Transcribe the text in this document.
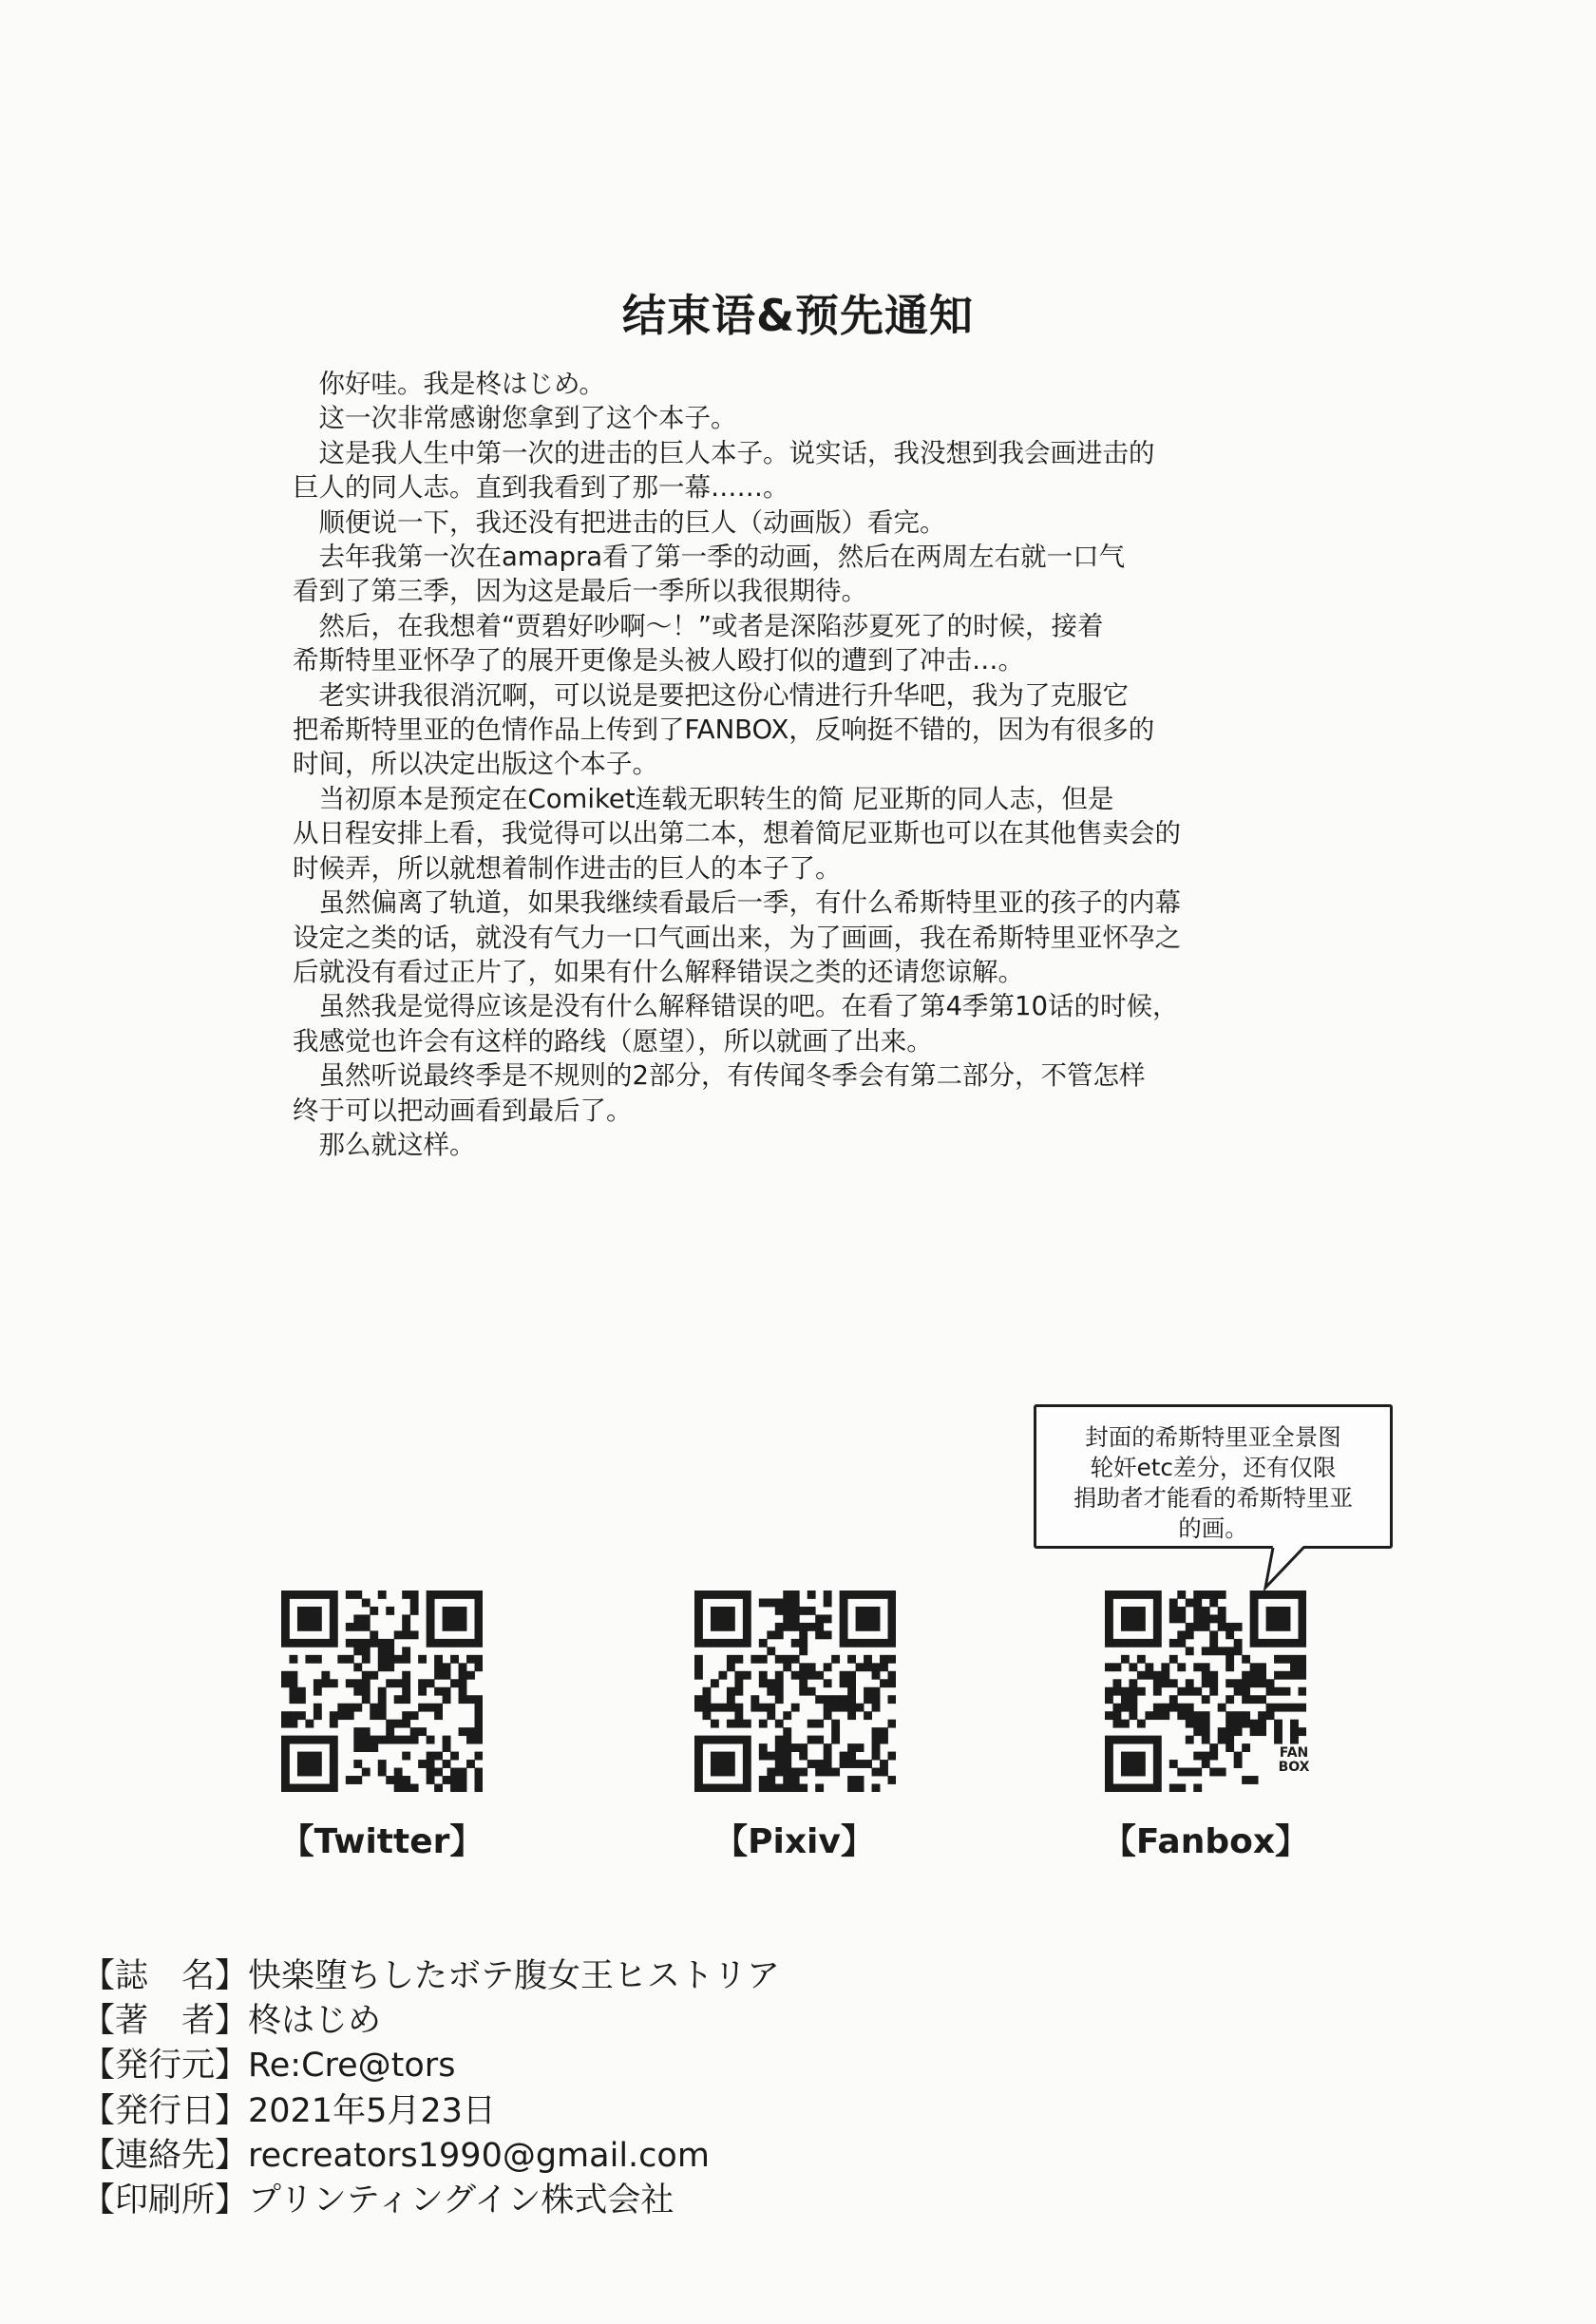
结束语&预先通知
　你好哇。我是柊はじめ。
　这一次非常感谢您拿到了这个本子。
　这是我人生中第一次的进击的巨人本子。说实话，我没想到我会画进击的
巨人的同人志。直到我看到了那一幕……。
　顺便说一下，我还没有把进击的巨人（动画版）看完。
　去年我第一次在amapra看了第一季的动画，然后在两周左右就一口气
看到了第三季，因为这是最后一季所以我很期待。
　然后，在我想着“贾碧好吵啊～！”或者是深陷莎夏死了的时候，接着
希斯特里亚怀孕了的展开更像是头被人殴打似的遭到了冲击…。
　老实讲我很消沉啊，可以说是要把这份心情进行升华吧，我为了克服它
把希斯特里亚的色情作品上传到了FANBOX，反响挺不错的，因为有很多的
时间，所以决定出版这个本子。
　当初原本是预定在Comiket连载无职转生的简 尼亚斯的同人志，但是
从日程安排上看，我觉得可以出第二本，想着简尼亚斯也可以在其他售卖会的
时候弄，所以就想着制作进击的巨人的本子了。
　虽然偏离了轨道，如果我继续看最后一季，有什么希斯特里亚的孩子的内幕
设定之类的话，就没有气力一口气画出来，为了画画，我在希斯特里亚怀孕之
后就没有看过正片了，如果有什么解释错误之类的还请您谅解。
　虽然我是觉得应该是没有什么解释错误的吧。在看了第4季第10话的时候，
我感觉也许会有这样的路线（愿望），所以就画了出来。
　虽然听说最终季是不规则的2部分，有传闻冬季会有第二部分，不管怎样
终于可以把动画看到最后了。
　那么就这样。
封面的希斯特里亚全景图
轮奸etc差分，还有仅限
捐助者才能看的希斯特里亚
的画。
FAN
BOX
【Twitter】	【Pixiv】	【Fanbox】
【誌　名】快楽堕ちしたボテ腹女王ヒストリア
【著　者】柊はじめ
【発行元】Re:Cre@tors
【発行日】2021年5月23日
【連絡先】recreators1990@gmail.com
【印刷所】プリンティングイン株式会社
